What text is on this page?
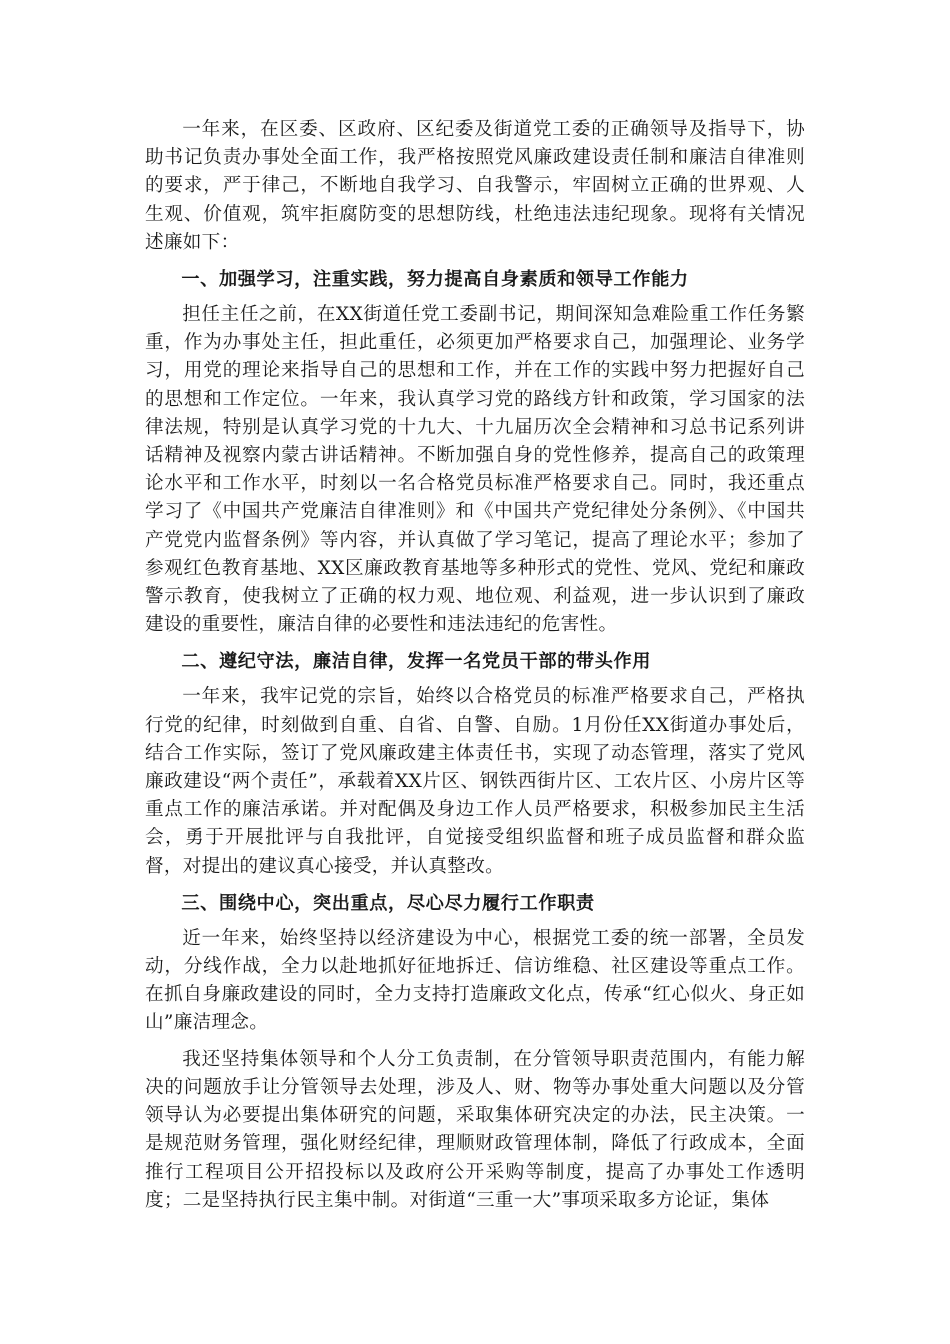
一年来，在区委、区政府、区纪委及街道党工委的正确领导及指导下，协助书记负责办事处全面工作，我严格按照党风廉政建设责任制和廉洁自律准则的要求，严于律己，不断地自我学习、自我警示，牢固树立正确的世界观、人生观、价值观，筑牢拒腐防变的思想防线，杜绝违法违纪现象。现将有关情况述廉如下：

一、加强学习，注重实践，努力提高自身素质和领导工作能力

担任主任之前，在XX街道任党工委副书记，期间深知急难险重工作任务繁重，作为办事处主任，担此重任，必须更加严格要求自己，加强理论、业务学习，用党的理论来指导自己的思想和工作，并在工作的实践中努力把握好自己的思想和工作定位。一年来，我认真学习党的路线方针和政策，学习国家的法律法规，特别是认真学习党的十九大、十九届历次全会精神和习总书记系列讲话精神及视察内蒙古讲话精神。不断加强自身的党性修养，提高自己的政策理论水平和工作水平，时刻以一名合格党员标准严格要求自己。同时，我还重点学习了《中国共产党廉洁自律准则》和《中国共产党纪律处分条例》、《中国共产党党内监督条例》等内容，并认真做了学习笔记，提高了理论水平；参加了参观红色教育基地、XX区廉政教育基地等多种形式的党性、党风、党纪和廉政警示教育，使我树立了正确的权力观、地位观、利益观，进一步认识到了廉政建设的重要性，廉洁自律的必要性和违法违纪的危害性。

二、遵纪守法，廉洁自律，发挥一名党员干部的带头作用

一年来，我牢记党的宗旨，始终以合格党员的标准严格要求自己，严格执行党的纪律，时刻做到自重、自省、自警、自励。1月份任XX街道办事处后，结合工作实际，签订了党风廉政建主体责任书，实现了动态管理，落实了党风廉政建设“两个责任”，承载着XX片区、钢铁西街片区、工农片区、小房片区等重点工作的廉洁承诺。并对配偶及身边工作人员严格要求，积极参加民主生活会，勇于开展批评与自我批评，自觉接受组织监督和班子成员监督和群众监督，对提出的建议真心接受，并认真整改。

三、围绕中心，突出重点，尽心尽力履行工作职责

近一年来，始终坚持以经济建设为中心，根据党工委的统一部署，全员发动，分线作战，全力以赴地抓好征地拆迁、信访维稳、社区建设等重点工作。在抓自身廉政建设的同时，全力支持打造廉政文化点，传承“红心似火、身正如山”廉洁理念。

我还坚持集体领导和个人分工负责制，在分管领导职责范围内，有能力解决的问题放手让分管领导去处理，涉及人、财、物等办事处重大问题以及分管领导认为必要提出集体研究的问题，采取集体研究决定的办法，民主决策。一是规范财务管理，强化财经纪律，理顺财政管理体制，降低了行政成本，全面推行工程项目公开招投标以及政府公开采购等制度，提高了办事处工作透明度；二是坚持执行民主集中制。对街道“三重一大”事项采取多方论证，集体
